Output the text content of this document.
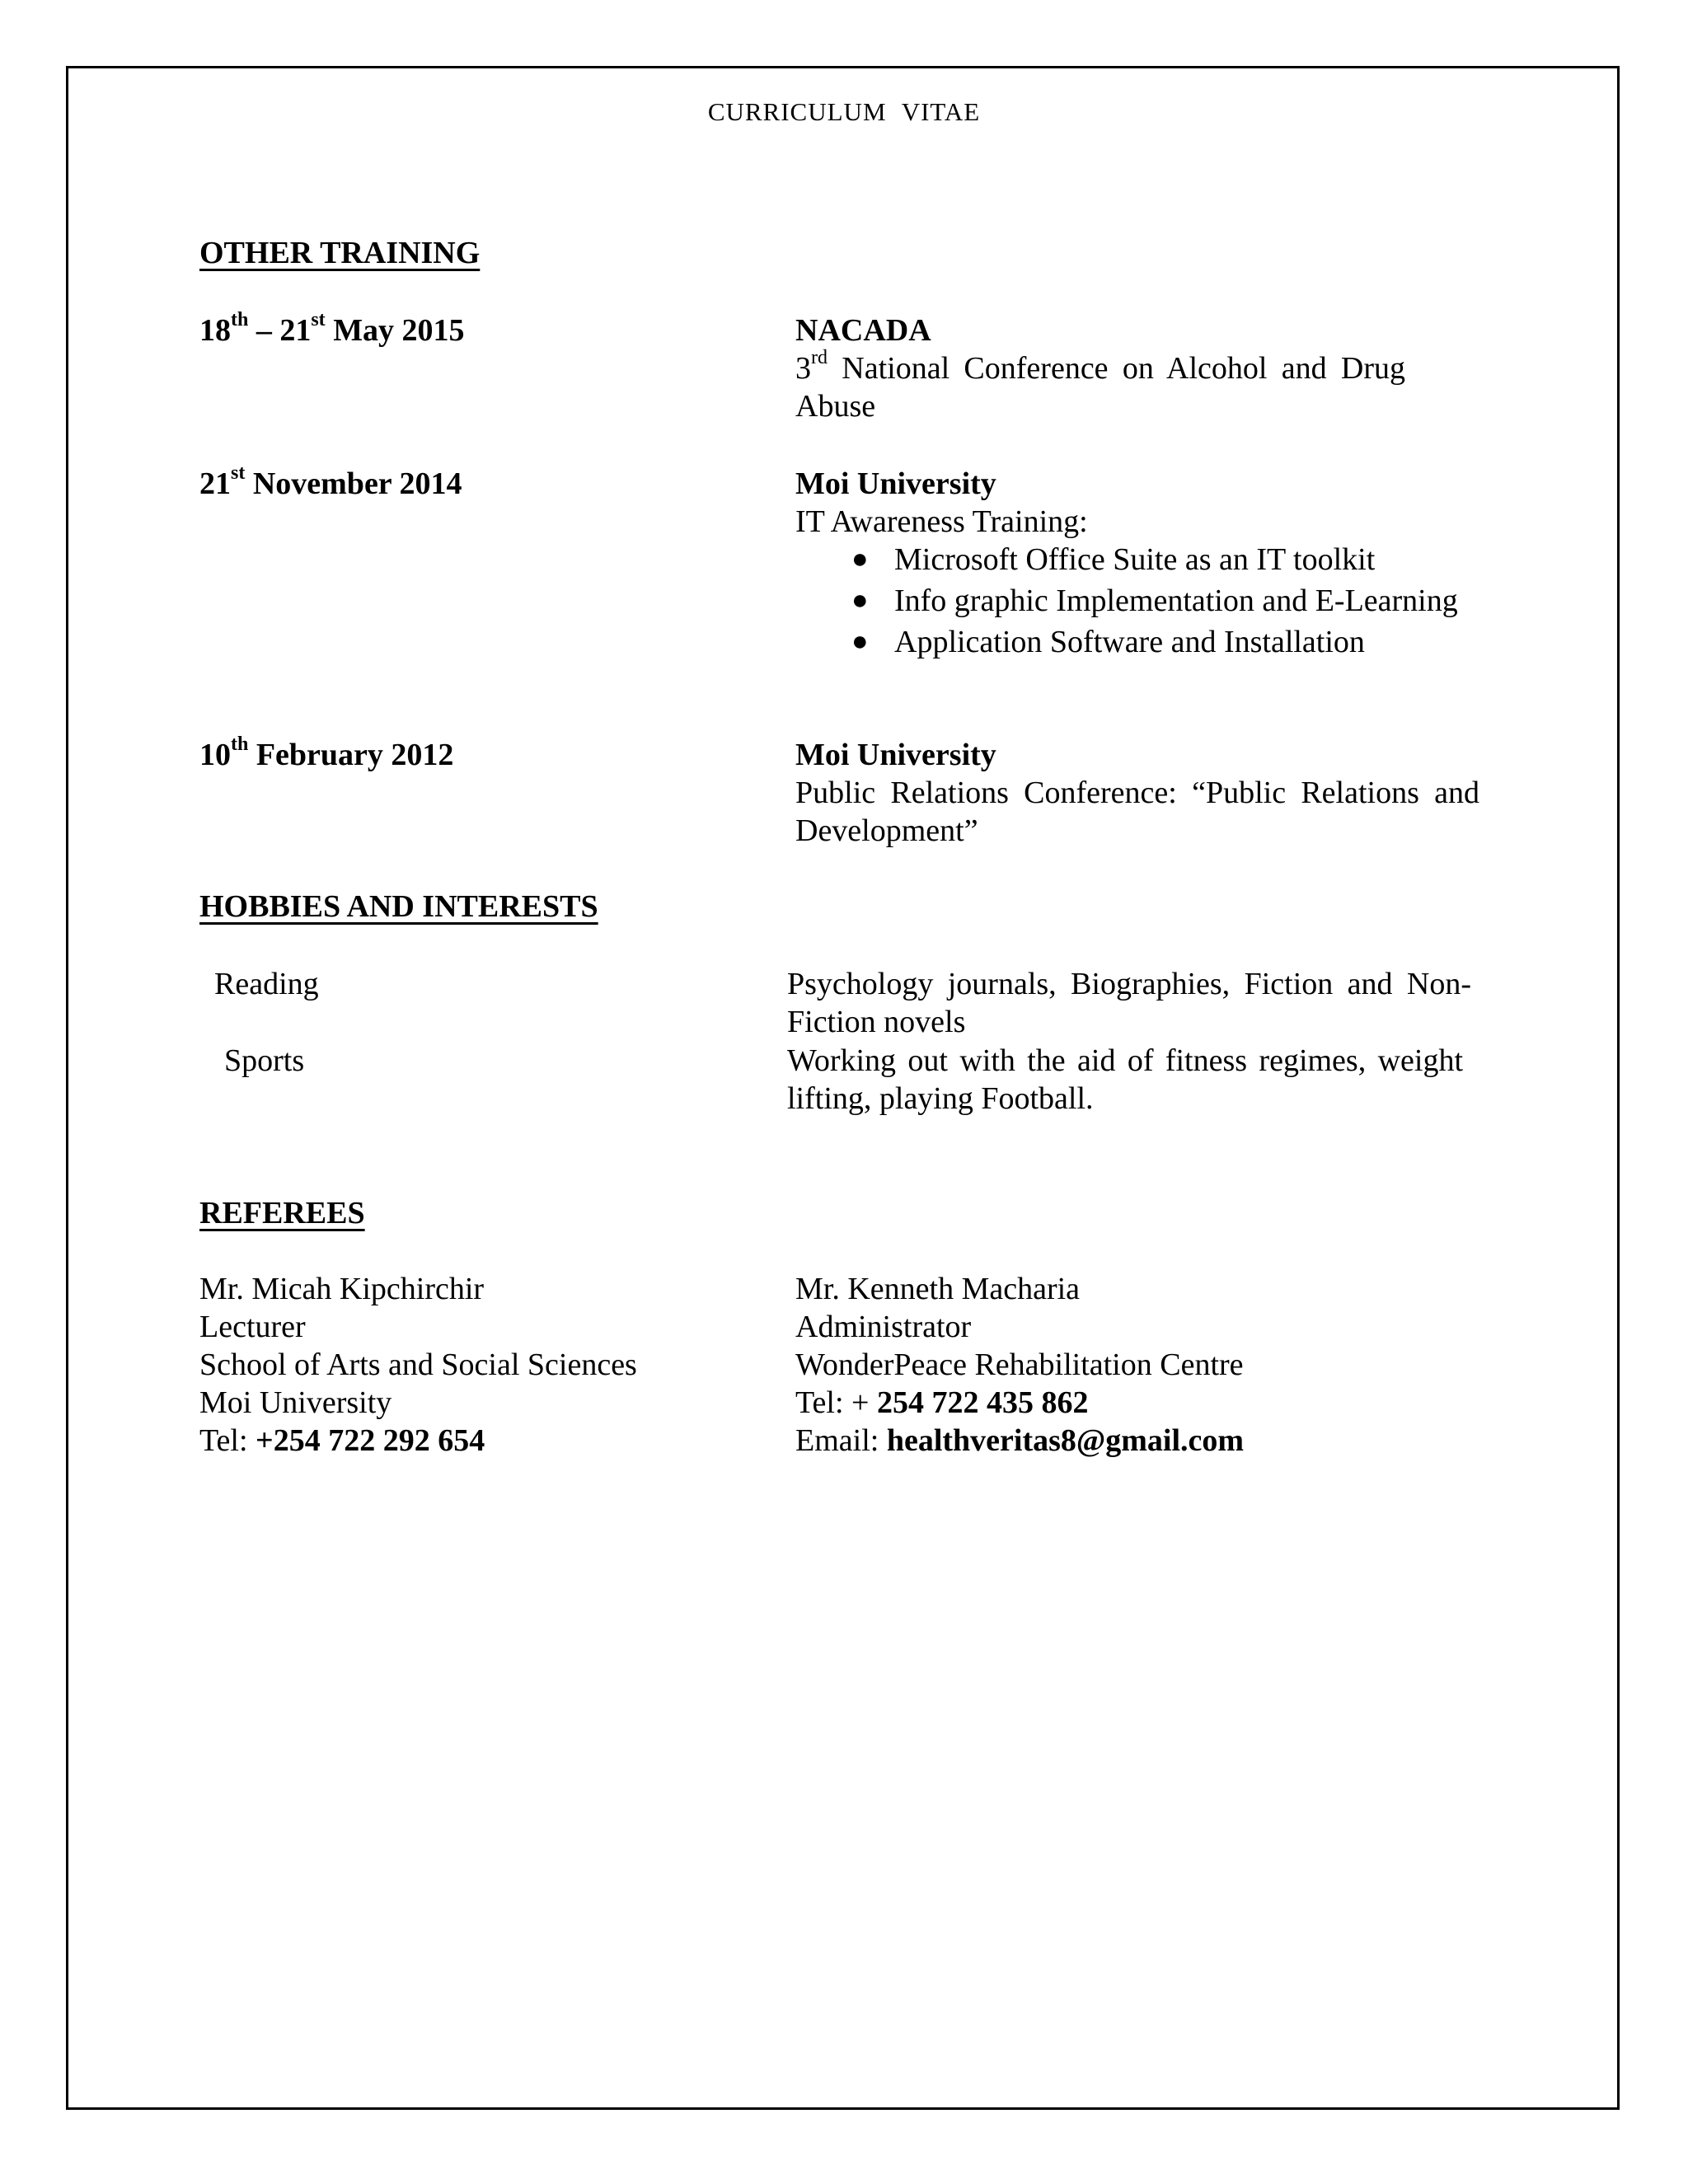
CURRICULUM VITAE
OTHER TRAINING
18th – 21st May 2015	NACADA
3rd National Conference on Alcohol and Drug Abuse
21st November 2014	Moi University
IT Awareness Training:
● Microsoft Office Suite as an IT toolkit
● Info graphic Implementation and E-Learning
● Application Software and Installation
10th February 2012	Moi University
Public Relations Conference: “Public Relations and Development”
HOBBIES AND INTERESTS
Reading	Psychology journals, Biographies, Fiction and Non-Fiction novels
Sports	Working out with the aid of fitness regimes, weight lifting, playing Football.
REFEREES
Mr. Micah Kipchirchir
Lecturer
School of Arts and Social Sciences
Moi University
Tel: +254 722 292 654
Mr. Kenneth Macharia
Administrator
WonderPeace Rehabilitation Centre
Tel: + 254 722 435 862
Email: healthveritas8@gmail.com
